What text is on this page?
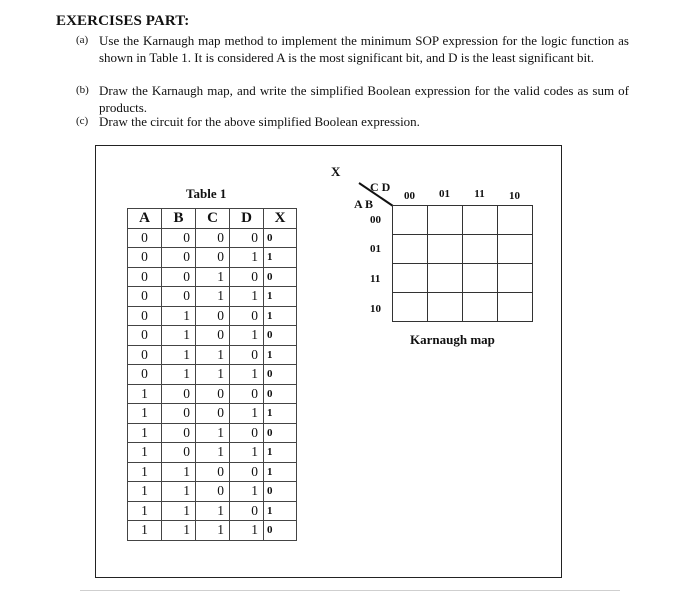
EXERCISES PART:
(a) Use the Karnaugh map method to implement the minimum SOP expression for the logic function as shown in Table 1. It is considered A is the most significant bit, and D is the least significant bit.
(b) Draw the Karnaugh map, and write the simplified Boolean expression for the valid codes as sum of products.
(c) Draw the circuit for the above simplified Boolean expression.
Table 1
A	B	C	D	X
0	0	0	0	0
0	0	0	1	1
0	0	1	0	0
0	0	1	1	1
0	1	0	0	1
0	1	0	1	0
0	1	1	0	1
0	1	1	1	0
1	0	0	0	0
1	0	0	1	1
1	0	1	0	0
1	0	1	1	1
1	1	0	0	1
1	1	0	1	0
1	1	1	0	1
1	1	1	1	0
X
C D
A B
00	01	11	10
00
01
11
10

Karnaugh map
